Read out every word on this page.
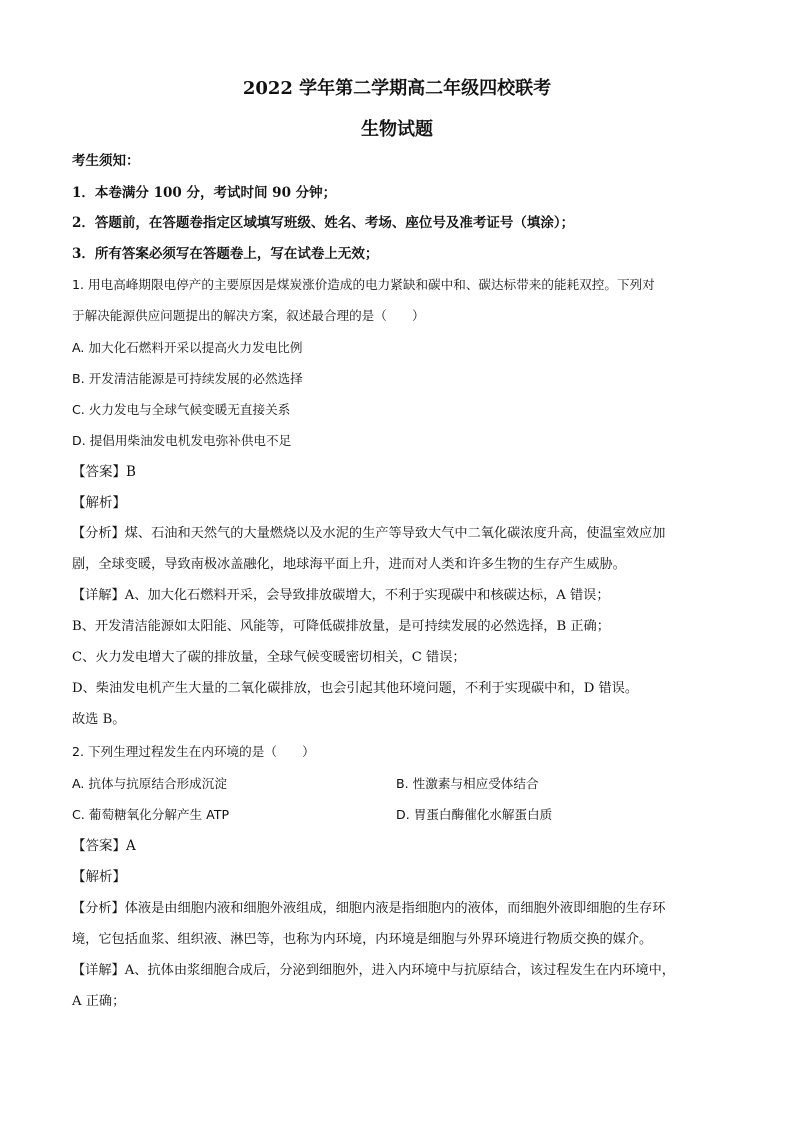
2022 学年第二学期高二年级四校联考
生物试题
考生须知：
1．本卷满分 100 分，考试时间 90 分钟；
2．答题前，在答题卷指定区域填写班级、姓名、考场、座位号及准考证号（填涂）；
3．所有答案必须写在答题卷上，写在试卷上无效；
1. 用电高峰期限电停产的主要原因是煤炭涨价造成的电力紧缺和碳中和、碳达标带来的能耗双控。下列对
于解决能源供应问题提出的解决方案，叙述最合理的是（　　）
A. 加大化石燃料开采以提高火力发电比例
B. 开发清洁能源是可持续发展的必然选择
C. 火力发电与全球气候变暖无直接关系
D. 提倡用柴油发电机发电弥补供电不足
【答案】B
【解析】
【分析】煤、石油和天然气的大量燃烧以及水泥的生产等导致大气中二氧化碳浓度升高，使温室效应加
剧，全球变暖，导致南极冰盖融化，地球海平面上升，进而对人类和许多生物的生存产生威胁。
【详解】A、加大化石燃料开采，会导致排放碳增大，不利于实现碳中和核碳达标，A 错误；
B、开发清洁能源如太阳能、风能等，可降低碳排放量，是可持续发展的必然选择，B 正确；
C、火力发电增大了碳的排放量，全球气候变暖密切相关，C 错误；
D、柴油发电机产生大量的二氧化碳排放，也会引起其他环境问题，不利于实现碳中和，D 错误。
故选 B。
2. 下列生理过程发生在内环境的是（　　）
A. 抗体与抗原结合形成沉淀	B. 性激素与相应受体结合
C. 葡萄糖氧化分解产生 ATP	D. 胃蛋白酶催化水解蛋白质
【答案】A
【解析】
【分析】体液是由细胞内液和细胞外液组成，细胞内液是指细胞内的液体，而细胞外液即细胞的生存环
境，它包括血浆、组织液、淋巴等，也称为内环境，内环境是细胞与外界环境进行物质交换的媒介。
【详解】A、抗体由浆细胞合成后，分泌到细胞外，进入内环境中与抗原结合，该过程发生在内环境中，
A 正确；
